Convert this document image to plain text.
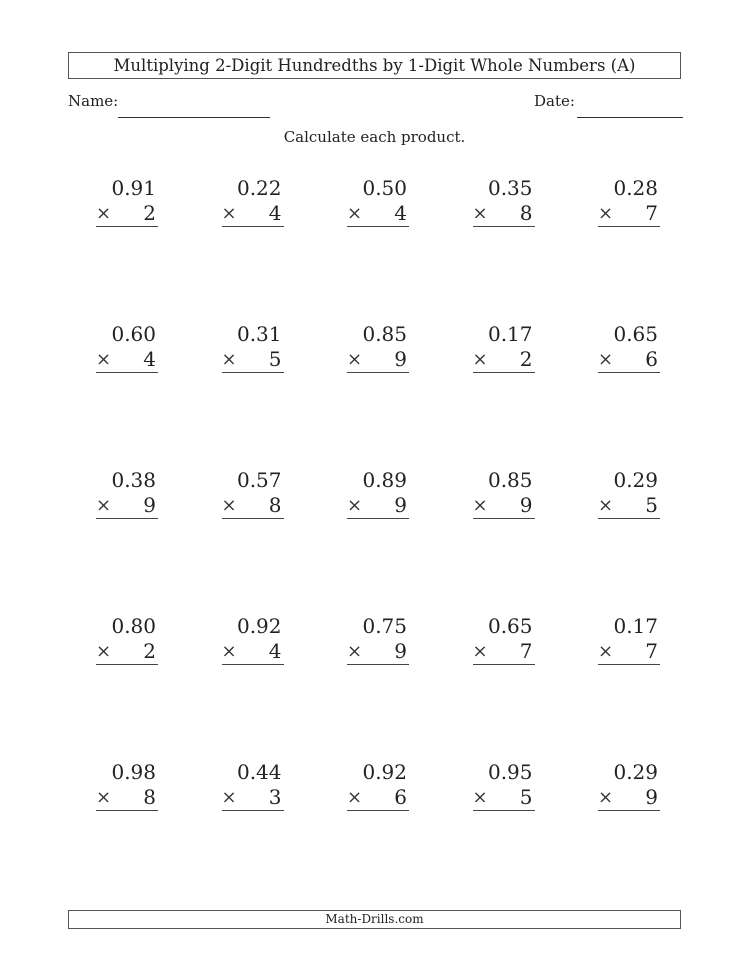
Multiplying 2-Digit Hundredths by 1-Digit Whole Numbers (A)
Name:	Date:
Calculate each product.
0.91
× 2
0.22
× 4
0.50
× 4
0.35
× 8
0.28
× 7
0.60
× 4
0.31
× 5
0.85
× 9
0.17
× 2
0.65
× 6
0.38
× 9
0.57
× 8
0.89
× 9
0.85
× 9
0.29
× 5
0.80
× 2
0.92
× 4
0.75
× 9
0.65
× 7
0.17
× 7
0.98
× 8
0.44
× 3
0.92
× 6
0.95
× 5
0.29
× 9
Math-Drills.com
